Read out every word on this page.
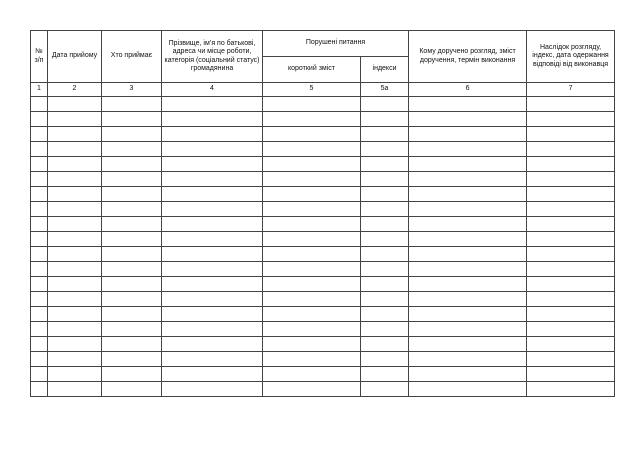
№ з/п	Дата прийому	Хто приймає	Прізвище, ім’я по батькові, адреса чи місце роботи, категорія (соціальний статус) громадянина	Порушені питання		Кому доручено розгляд, зміст доручення, термін виконання	Наслідок розгляду, індекс, дата одержання відповіді від виконавця
				короткий зміст	індекси		
1	2	3	4	5	5а	6	7
